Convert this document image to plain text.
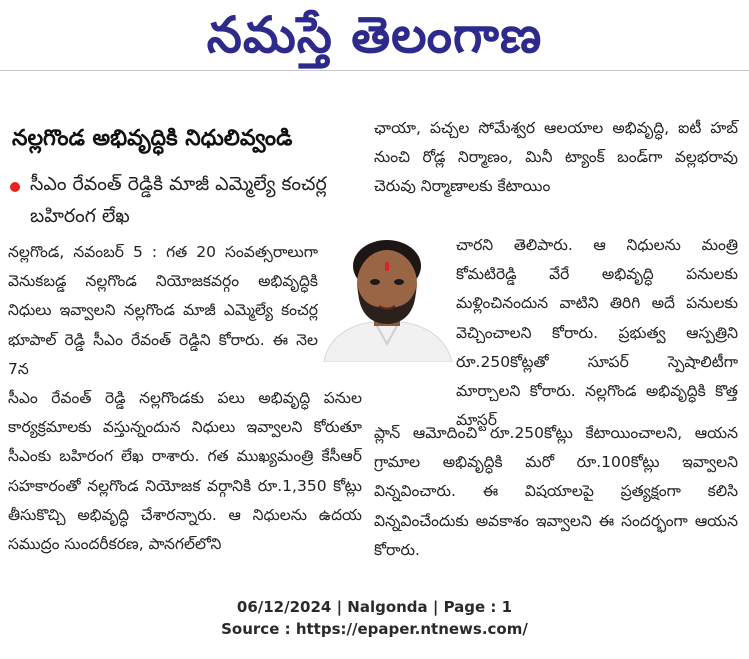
నమస్తే తెలంగాణ
నల్లగొండ అభివృద్ధికి నిధులివ్వండి
సీఎం రేవంత్ రెడ్డికి మాజీ ఎమ్మెల్యే కంచర్ల బహిరంగ లేఖ
నల్లగొండ, నవంబర్ 5 : గత 20 సంవత్సరాలుగా వెనుకబడ్డ నల్లగొండ నియోజకవర్గం అభివృద్ధికి నిధులు ఇవ్వాలని నల్లగొండ మాజీ ఎమ్మెల్యే కంచర్ల భూపాల్ రెడ్డి సీఎం రేవంత్ రెడ్డిని కోరారు. ఈ నెల 7న
సీఎం రేవంత్ రెడ్డి నల్లగొండకు పలు అభివృద్ధి పనుల కార్యక్రమాలకు వస్తున్నందున నిధులు ఇవ్వాలని కోరుతూ సీఎంకు బహిరంగ లేఖ రాశారు. గత ముఖ్యమంత్రి కేసీఆర్ సహకారంతో నల్లగొండ నియోజక వర్గానికి రూ.1,350 కోట్లు తీసుకొచ్చి అభివృద్ధి చేశారన్నారు. ఆ నిధులను ఉదయ సముద్రం సుందరీకరణ, పానగల్‌లోని
ఛాయా, పచ్చల సోమేశ్వర ఆలయాల అభివృద్ధి, ఐటీ హబ్ నుంచి రోడ్ల నిర్మాణం, మినీ ట్యాంక్ బండ్‌గా వల్లభరావు చెరువు నిర్మాణాలకు కేటాయిం
చారని తెలిపారు. ఆ నిధులను మంత్రి కోమటిరెడ్డి వేరే అభివృద్ధి పనులకు మళ్లించినందున వాటిని తిరిగి అదే పనులకు వెచ్చించాలని కోరారు. ప్రభుత్వ ఆస్పత్రిని రూ.250కోట్లతో సూపర్ స్పెషాలిటీగా మార్చాలని కోరారు. నల్లగొండ అభివృద్ధికి కొత్త మాస్టర్
ప్లాన్ ఆమోదించి రూ.250కోట్లు కేటాయించాలని, ఆయన గ్రామాల అభివృద్ధికి మరో రూ.100కోట్లు ఇవ్వాలని విన్నవించారు. ఈ విషయాలపై ప్రత్యక్షంగా కలిసి విన్నవించేందుకు అవకాశం ఇవ్వాలని ఈ సందర్భంగా ఆయన కోరారు.
06/12/2024 | Nalgonda | Page : 1
Source : https://epaper.ntnews.com/
